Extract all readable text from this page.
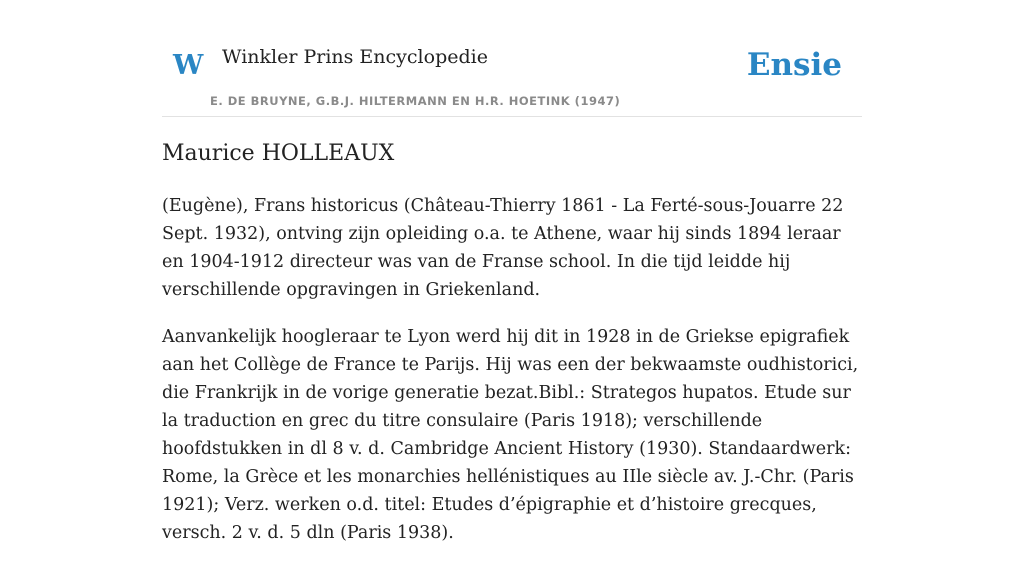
W Winkler Prins Encyclopedie
E. DE BRUYNE, G.B.J. HILTERMANN EN H.R. HOETINK (1947)
Ensie
Maurice HOLLEAUX

(Eugène), Frans historicus (Château-Thierry 1861 - La Ferté-sous-Jouarre 22 Sept. 1932), ontving zijn opleiding o.a. te Athene, waar hij sinds 1894 leraar en 1904-1912 directeur was van de Franse school. In die tijd leidde hij verschillende opgravingen in Griekenland.

Aanvankelijk hoogleraar te Lyon werd hij dit in 1928 in de Griekse epigrafiek aan het Collège de France te Parijs. Hij was een der bekwaamste oudhistorici, die Frankrijk in de vorige generatie bezat.Bibl.: Strategos hupatos. Etude sur la traduction en grec du titre consulaire (Paris 1918); verschillende hoofdstukken in dl 8 v. d. Cambridge Ancient History (1930). Standaardwerk: Rome, la Grèce et les monarchies hellénistiques au IIle siècle av. J.-Chr. (Paris 1921); Verz. werken o.d. titel: Etudes d’épigraphie et d’histoire grecques, versch. 2 v. d. 5 dln (Paris 1938).
